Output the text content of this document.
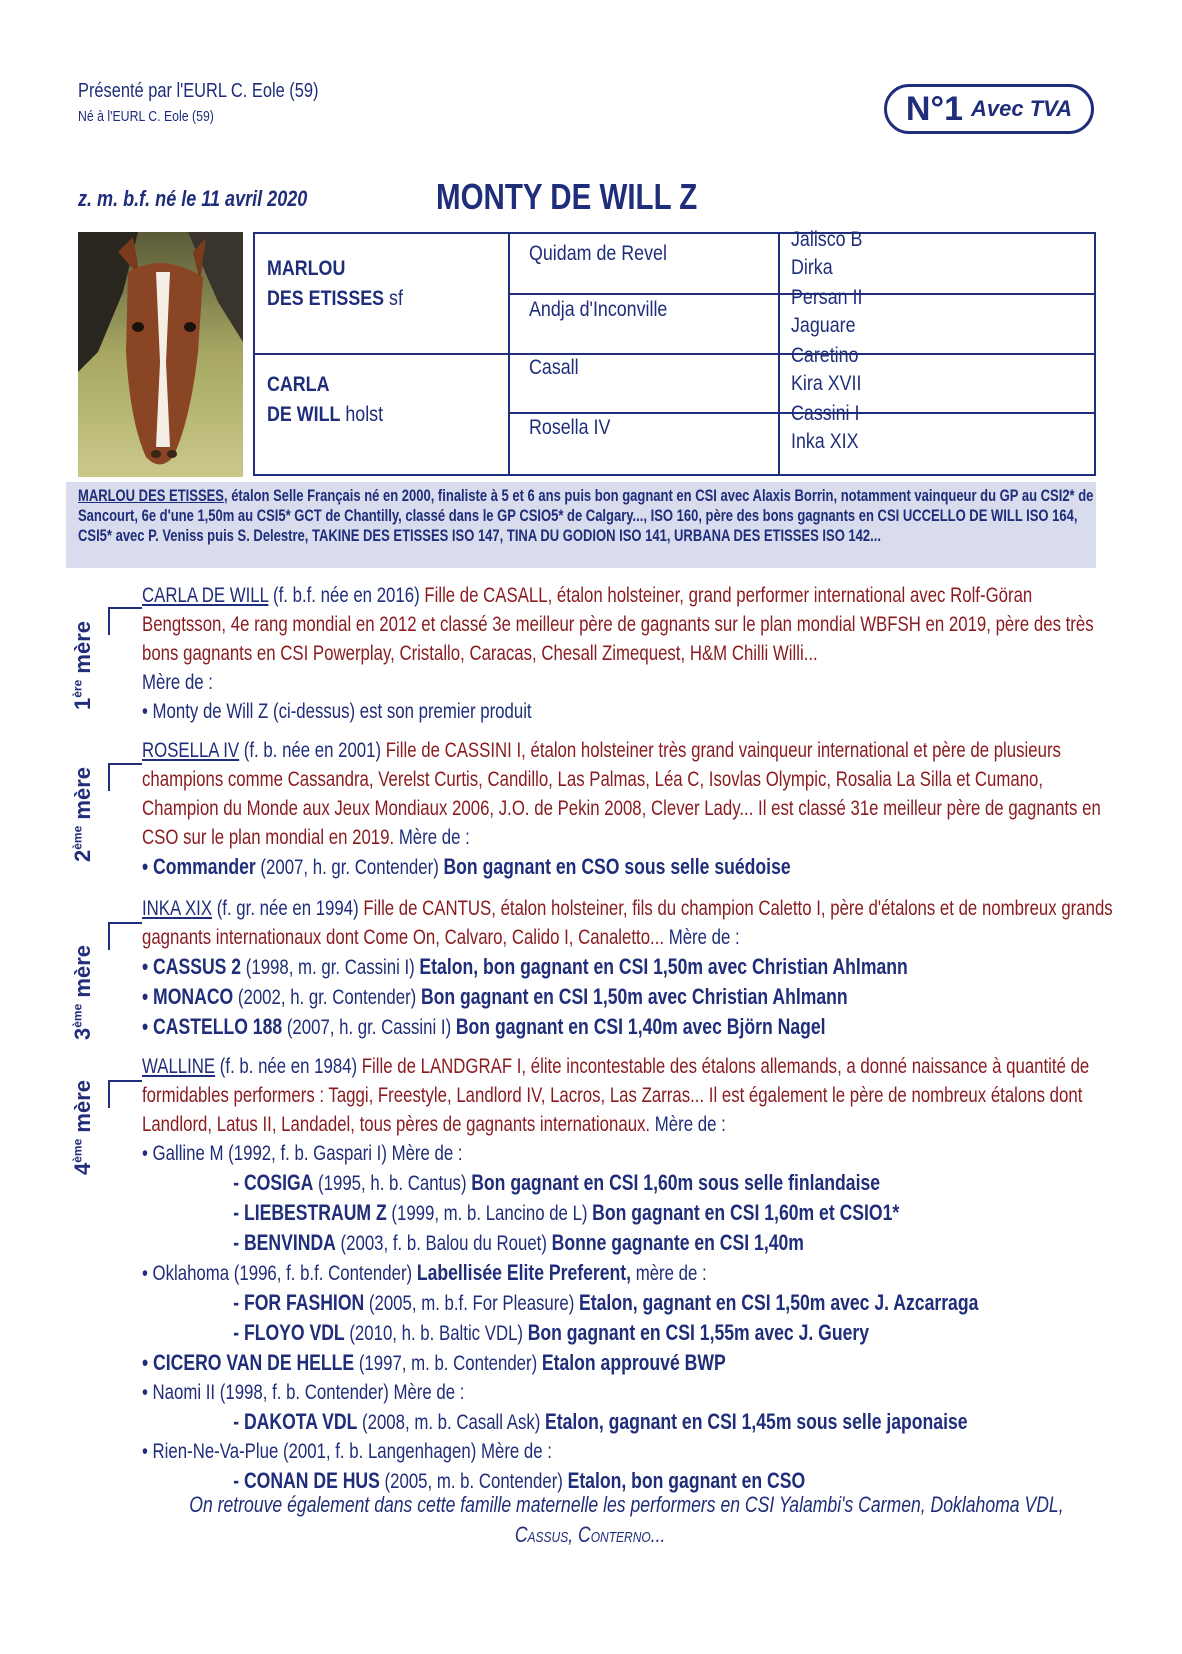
Présenté par l'EURL C. Eole (59)
Né à l'EURL C. Eole (59)	N°1 Avec TVA
z. m. b.f. né le 11 avril 2020	MONTY DE WILL Z
MARLOU
DES ETISSES sf
CARLA
DE WILL holst
Quidam de Revel
Andja d'Inconville
Casall
Rosella IV
Jalisco B
Dirka
Persan II
Jaguare
Caretino
Kira XVII
Cassini I
Inka XIX

MARLOU DES ETISSES, étalon Selle Français né en 2000, finaliste à 5 et 6 ans puis bon gagnant en CSI avec Alaxis Borrin, notamment vainqueur du GP au CSI2* de Sancourt, 6e d'une 1,50m au CSI5* GCT de Chantilly, classé dans le GP CSIO5* de Calgary..., ISO 160, père des bons gagnants en CSI UCCELLO DE WILL ISO 164, CSI5* avec P. Veniss puis S. Delestre, TAKINE DES ETISSES ISO 147, TINA DU GODION ISO 141, URBANA DES ETISSES ISO 142...

1ère mère

CARLA DE WILL (f. b.f. née en 2016) Fille de CASALL, étalon holsteiner, grand performer international avec Rolf-Göran Bengtsson, 4e rang mondial en 2012 et classé 3e meilleur père de gagnants sur le plan mondial WBFSH en 2019, père des très bons gagnants en CSI Powerplay, Cristallo, Caracas, Chesall Zimequest, H&M Chilli Willi...

Mère de :

• Monty de Will Z (ci-dessus) est son premier produit

2ème mère

ROSELLA IV (f. b. née en 2001) Fille de CASSINI I, étalon holsteiner très grand vainqueur international et père de plusieurs champions comme Cassandra, Verelst Curtis, Candillo, Las Palmas, Léa C, Isovlas Olympic, Rosalia La Silla et Cumano, Champion du Monde aux Jeux Mondiaux 2006, J.O. de Pekin 2008, Clever Lady... Il est classé 31e meilleur père de gagnants en CSO sur le plan mondial en 2019. Mère de :

• Commander (2007, h. gr. Contender) Bon gagnant en CSO sous selle suédoise

3ème mère

INKA XIX (f. gr. née en 1994) Fille de CANTUS, étalon holsteiner, fils du champion Caletto I, père d'étalons et de nombreux grands gagnants internationaux dont Come On, Calvaro, Calido I, Canaletto... Mère de :

• CASSUS 2 (1998, m. gr. Cassini I) Etalon, bon gagnant en CSI 1,50m avec Christian Ahlmann

• MONACO (2002, h. gr. Contender) Bon gagnant en CSI 1,50m avec Christian Ahlmann

• CASTELLO 188 (2007, h. gr. Cassini I) Bon gagnant en CSI 1,40m avec Björn Nagel

4ème mère

WALLINE (f. b. née en 1984) Fille de LANDGRAF I, élite incontestable des étalons allemands, a donné naissance à quantité de formidables performers : Taggi, Freestyle, Landlord IV, Lacros, Las Zarras... Il est également le père de nombreux étalons dont Landlord, Latus II, Landadel, tous pères de gagnants internationaux. Mère de :

• Galline M (1992, f. b. Gaspari I) Mère de :

- COSIGA (1995, h. b. Cantus) Bon gagnant en CSI 1,60m sous selle finlandaise

- LIEBESTRAUM Z (1999, m. b. Lancino de L) Bon gagnant en CSI 1,60m et CSIO1*

- BENVINDA (2003, f. b. Balou du Rouet) Bonne gagnante en CSI 1,40m

• Oklahoma (1996, f. b.f. Contender) Labellisée Elite Preferent, mère de :

- FOR FASHION (2005, m. b.f. For Pleasure) Etalon, gagnant en CSI 1,50m avec J. Azcarraga

- FLOYO VDL (2010, h. b. Baltic VDL) Bon gagnant en CSI 1,55m avec J. Guery

• CICERO VAN DE HELLE (1997, m. b. Contender) Etalon approuvé BWP

• Naomi II (1998, f. b. Contender) Mère de :

- DAKOTA VDL (2008, m. b. Casall Ask) Etalon, gagnant en CSI 1,45m sous selle japonaise

• Rien-Ne-Va-Plue (2001, f. b. Langenhagen) Mère de :

- CONAN DE HUS (2005, m. b. Contender) Etalon, bon gagnant en CSO

On retrouve également dans cette famille maternelle les performers en CSI Yalambi's Carmen, Doklahoma VDL,
Cassus, Conterno...
